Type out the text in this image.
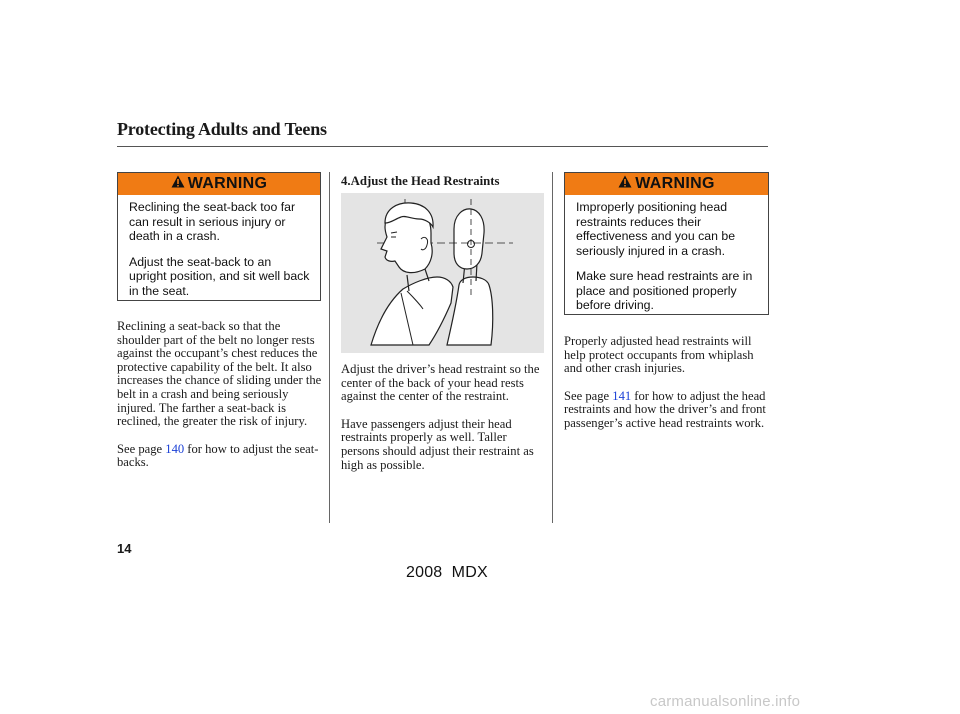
Protecting Adults and Teens
WARNING

Reclining the seat-back too far can result in serious injury or death in a crash.

Adjust the seat-back to an upright position, and sit well back in the seat.

Reclining a seat-back so that the shoulder part of the belt no longer rests against the occupant’s chest reduces the protective capability of the belt. It also increases the chance of sliding under the belt in a crash and being seriously injured. The farther a seat-back is reclined, the greater the risk of injury.

See page 140 for how to adjust the seat-backs.

4.Adjust the Head Restraints

Adjust the driver’s head restraint so the center of the back of your head rests against the center of the restraint.

Have passengers adjust their head restraints properly as well. Taller persons should adjust their restraint as high as possible.

WARNING

Improperly positioning head restraints reduces their effectiveness and you can be seriously injured in a crash.

Make sure head restraints are in place and positioned properly before driving.

Properly adjusted head restraints will help protect occupants from whiplash and other crash injuries.

See page 141 for how to adjust the head restraints and how the driver’s and front passenger’s active head restraints work.

14
2008  MDX
carmanualsonline.info
